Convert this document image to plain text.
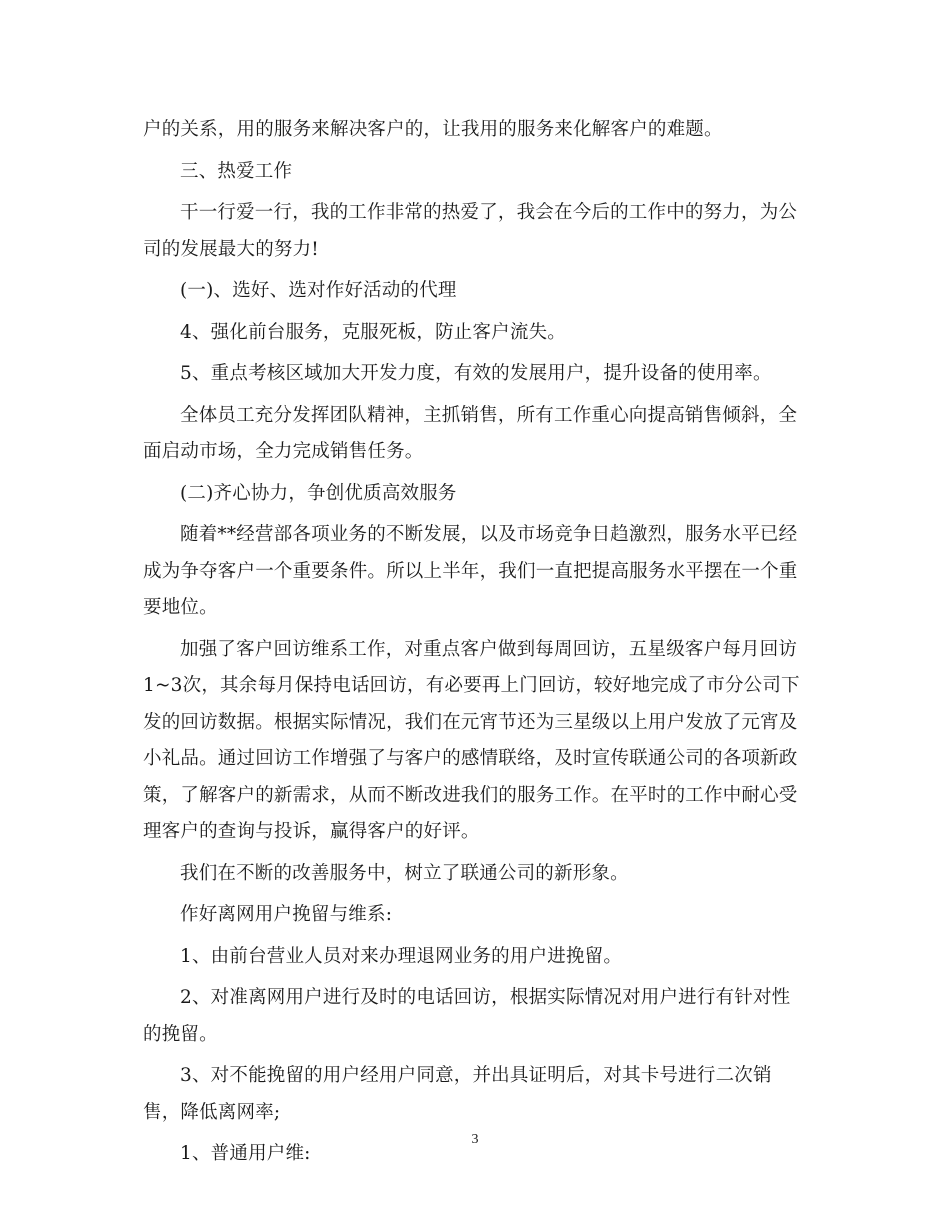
户的关系，用的服务来解决客户的，让我用的服务来化解客户的难题。

三、热爱工作

干一行爱一行，我的工作非常的热爱了，我会在今后的工作中的努力，为公司的发展最大的努力!

(一)、选好、选对作好活动的代理

4、强化前台服务，克服死板，防止客户流失。

5、重点考核区域加大开发力度，有效的发展用户，提升设备的使用率。

全体员工充分发挥团队精神，主抓销售，所有工作重心向提高销售倾斜，全面启动市场，全力完成销售任务。

(二)齐心协力，争创优质高效服务

随着**经营部各项业务的不断发展，以及市场竞争日趋激烈，服务水平已经成为争夺客户一个重要条件。所以上半年，我们一直把提高服务水平摆在一个重要地位。

加强了客户回访维系工作，对重点客户做到每周回访，五星级客户每月回访1~3次，其余每月保持电话回访，有必要再上门回访，较好地完成了市分公司下发的回访数据。根据实际情况，我们在元宵节还为三星级以上用户发放了元宵及小礼品。通过回访工作增强了与客户的感情联络，及时宣传联通公司的各项新政策，了解客户的新需求，从而不断改进我们的服务工作。在平时的工作中耐心受理客户的查询与投诉，赢得客户的好评。

我们在不断的改善服务中，树立了联通公司的新形象。

作好离网用户挽留与维系:

1、由前台营业人员对来办理退网业务的用户进挽留。

2、对准离网用户进行及时的电话回访，根据实际情况对用户进行有针对性的挽留。

3、对不能挽留的用户经用户同意，并出具证明后，对其卡号进行二次销售，降低离网率;

1、普通用户维:

3
